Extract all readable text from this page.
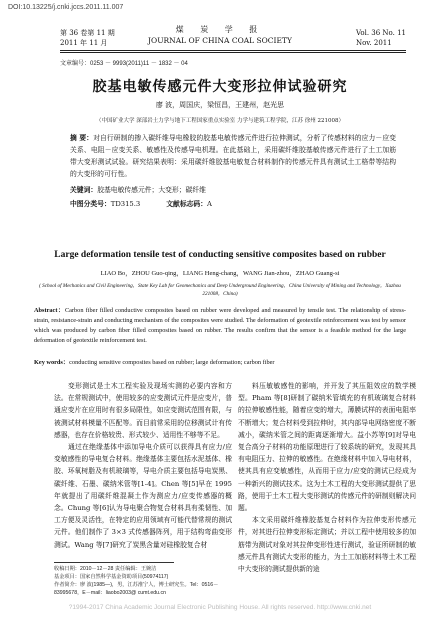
DOI:10.13225/j.cnki.jccs.2011.11.007
第 36 卷第 11 期
2011 年 11 月
煤 炭 学 报
JOURNAL OF CHINA COAL SOCIETY
Vol. 36 No. 11
Nov. 2011
文章编号：0253 － 9993(2011)11 － 1832 － 04
胶基电敏传感元件大变形拉伸试验研究
廖 波，周国庆，梁恒昌，王建州，赵光思
（中国矿业大学 深部岩土力学与地下工程国家重点实验室 力学与建筑工程学院，江苏 徐州 221008）
摘 要：对自行研制的掺入碳纤维导电橡胶的胶基电敏传感元件进行拉伸测试，分析了传感材料的应力－应变关系、电阻－应变关系、敏感性及传感导电机理。在此基础上，采用碳纤维胶基敏传感元件进行了土工加筋带大变形测试试验。研究结果表明：采用碳纤维胶基电敏复合材料制作的传感元件具有测试土工格带等结构的大变形的可行性。
关键词：胶基电敏传感元件；大变形；碳纤维
中图分类号：TD315.3	文献标志码：A
Large deformation tensile test of conducting sensitive composites based on rubber
LIAO Bo，ZHOU Guo-qing，LIANG Heng-chang，WANG Jian-zhou，ZHAO Guang-si
( School of Mechanics and Civil Engineering，State Key Lab for Geomechanics and Deep Underground Engineering，China University of Mining and Technology，Xuzhou 221008，China)
Abstract：Carbon fiber filled conductive composites based on rubber were developed and measured by tensile test. The relationship of stress-strain, resistance-strain and conducting mechanism of the composites were studied. The deformation of geotextile reinforcement was test by sensor which was produced by carbon fiber filled composites based on rubber. The results confirm that the sensor is a feasible method for the large deformation of geotextile reinforcement test.
Key words：conducting sensitive composites based on rubber; large deformation; carbon fiber

变形测试是土木工程实验及现场实测的必要内容和方法。在常规测试中，使用较多的应变测试元件是应变片，普通应变片在应用时有很多局限性，如应变测试范围有限，与被测试材料模量不匹配等。而目前常采用的位移测试计有传感器，也存在价格较贵、形式较少、适用性不够等不足。

通过在绝缘基体中添加导电介质可以获得具有应力/应变敏感性的导电复合材料。绝缘基体主要包括水泥基体、橡胶、环氧树脂及有机玻璃等，导电介质主要包括导电炭黑、碳纤维、石墨、碳纳米管等[1-4]。Chen 等[5]早在 1995 年就提出了用碳纤维混凝土作为测应力/应变传感器的概念。Chung 等[6]认为导电聚合物复合材料具有柔韧性、加工方便及灵活性，在特定的应用领域有可能代替常规的测试元件。他们制作了 3×3 式传感器阵列，用于结构弯曲变形测试。Wang 等[7]研究了炭黑含量对硅橡胶复合材

料压敏敏感性的影响，并开发了其压阻效应的数学模型。Pham 等[8]研制了碳纳米管填充的有机玻璃复合材料的拉伸敏感性能，随着应变的增大，薄膜试样的表面电阻率不断增大；复合材料受到拉伸时，其内部导电网络密度不断减小，碳纳米管之间的距离逐渐增大。益小苏等[9]对导电复合高分子材料的功能原理进行了较系统的研究，发现其具有电阻压力、拉伸的敏感性。在绝缘材料中加入导电材料，使其具有应变敏感性，从而用于应力/应变的测试已经成为一种新兴的测试技术。这为土木工程的大变形测试提供了思路，使用于土木工程大变形测试的传感元件的研制则解决问题。

本文采用碳纤维橡胶基复合材料作为拉伸变形传感元件，对其进行拉伸变形标定测试；并以工程中使用较多的加筋带为测试对象对其拉伸变形性进行测试，验证所研制的敏感元件具有测试大变形的能力，为土工加筋材料等土木工程中大变形的测试提供新的途

收稿日期：2010－12－28 责任编辑：王婉洁
基金项目：国家自然科学基金资助项目(50974117)
作者简介：廖 波(1985—)，男，江苏淮宁人，博士研究生。Tel：0516－83995678，E－mail：liaobo2003@ cumt.edu.cn
?1994-2017 China Academic Journal Electronic Publishing House. All rights reserved. http://www.cnki.net
